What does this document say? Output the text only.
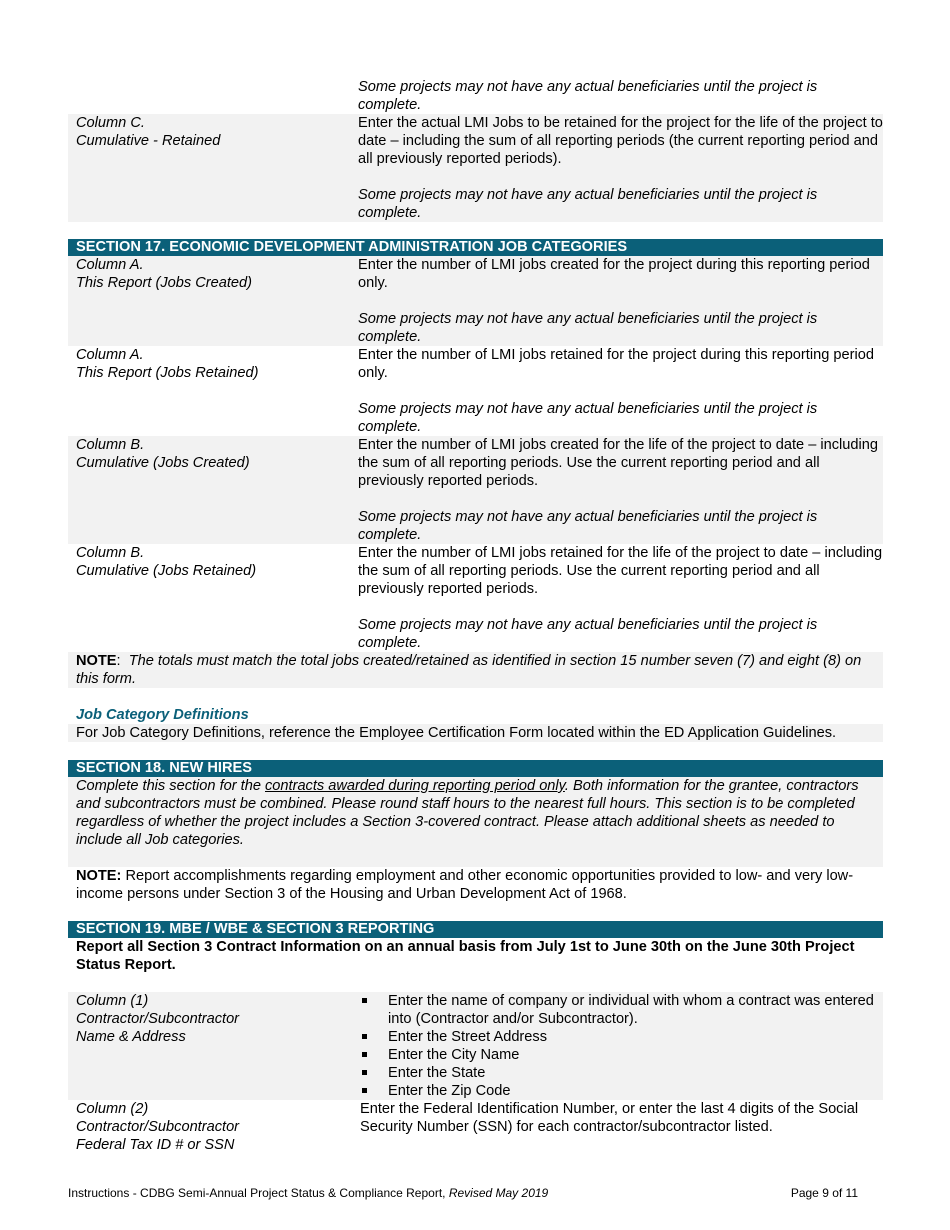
Some projects may not have any actual beneficiaries until the project is complete.
Column C.
Cumulative - Retained
Enter the actual LMI Jobs to be retained for the project for the life of the project to date – including the sum of all reporting periods (the current reporting period and all previously reported periods).
Some projects may not have any actual beneficiaries until the project is complete.
SECTION 17. ECONOMIC DEVELOPMENT ADMINISTRATION JOB CATEGORIES
Column A.
This Report (Jobs Created)
Enter the number of LMI jobs created for the project during this reporting period only.
Some projects may not have any actual beneficiaries until the project is complete.
Column A.
This Report (Jobs Retained)
Enter the number of LMI jobs retained for the project during this reporting period only.
Some projects may not have any actual beneficiaries until the project is complete.
Column B.
Cumulative (Jobs Created)
Enter the number of LMI jobs created for the life of the project to date – including the sum of all reporting periods. Use the current reporting period and all previously reported periods.
Some projects may not have any actual beneficiaries until the project is complete.
Column B.
Cumulative (Jobs Retained)
Enter the number of LMI jobs retained for the life of the project to date – including the sum of all reporting periods. Use the current reporting period and all previously reported periods.
Some projects may not have any actual beneficiaries until the project is complete.
NOTE:  The totals must match the total jobs created/retained as identified in section 15 number seven (7) and eight (8) on this form.
Job Category Definitions
For Job Category Definitions, reference the Employee Certification Form located within the ED Application Guidelines.
SECTION 18. NEW HIRES
Complete this section for the contracts awarded during reporting period only. Both information for the grantee, contractors and subcontractors must be combined. Please round staff hours to the nearest full hours. This section is to be completed regardless of whether the project includes a Section 3-covered contract. Please attach additional sheets as needed to include all Job categories.
NOTE: Report accomplishments regarding employment and other economic opportunities provided to low- and very low-income persons under Section 3 of the Housing and Urban Development Act of 1968.
SECTION 19. MBE / WBE & SECTION 3 REPORTING
Report all Section 3 Contract Information on an annual basis from July 1st to June 30th on the June 30th Project Status Report.
Column (1)
Contractor/Subcontractor
Name & Address
Enter the name of company or individual with whom a contract was entered into (Contractor and/or Subcontractor).
Enter the Street Address
Enter the City Name
Enter the State
Enter the Zip Code
Column (2)
Contractor/Subcontractor
Federal Tax ID # or SSN
Enter the Federal Identification Number, or enter the last 4 digits of the Social Security Number (SSN) for each contractor/subcontractor listed.
Instructions - CDBG Semi-Annual Project Status & Compliance Report, Revised May 2019	Page 9 of 11
